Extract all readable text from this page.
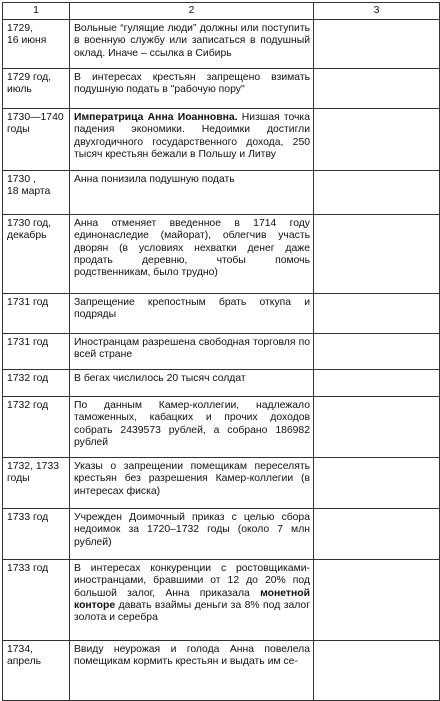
1	2	3
1729,
16 июня	Вольные “гулящие люди” должны или поступить в военную службу или записаться в подушный оклад. Иначе – ссылка в Сибирь	
1729 год,
июль	В интересах крестьян запрещено взимать подушную подать в "рабочую пору"	
1730—1740
годы	Императрица Анна Иоанновна. Низшая точка падения экономики. Недоимки достигли двухгодичного государственного дохода, 250 тысяч крестьян бежали в Польшу и Литву	
1730 ,
18 марта	Анна понизила подушную подать	
1730 год,
декабрь	Анна отменяет введенное в 1714 году единонаследие (майорат), облегчив участь дворян (в условиях нехватки денег даже продать деревню, чтобы помочь родственникам, было трудно)	
1731 год	Запрещение крепостным брать откупа и подряды	
1731 год	Иностранцам разрешена свободная торговля по всей стране	
1732 год	В бегах числилось 20 тысяч солдат	
1732 год	По данным Камер-коллегии, надлежало таможенных, кабацких и прочих доходов собрать 2439573 рублей, а собрано 186982 рублей	
1732, 1733
годы	Указы о запрещении помещикам переселять крестьян без разрешения Камер-коллегии (в интересах фиска)	
1733 год	Учрежден Доимочный приказ с целью сбора недоимок за 1720–1732 годы (около 7 млн рублей)	
1733 год	В интересах конкуренции с ростовщиками-иностранцами, бравшими от 12 до 20% под большой залог, Анна приказала монетной конторе давать взаймы деньги за 8% под залог золота и серебра	
1734,
апрель	Ввиду неурожая и голода Анна повелела помещикам кормить крестьян и выдать им се-	
